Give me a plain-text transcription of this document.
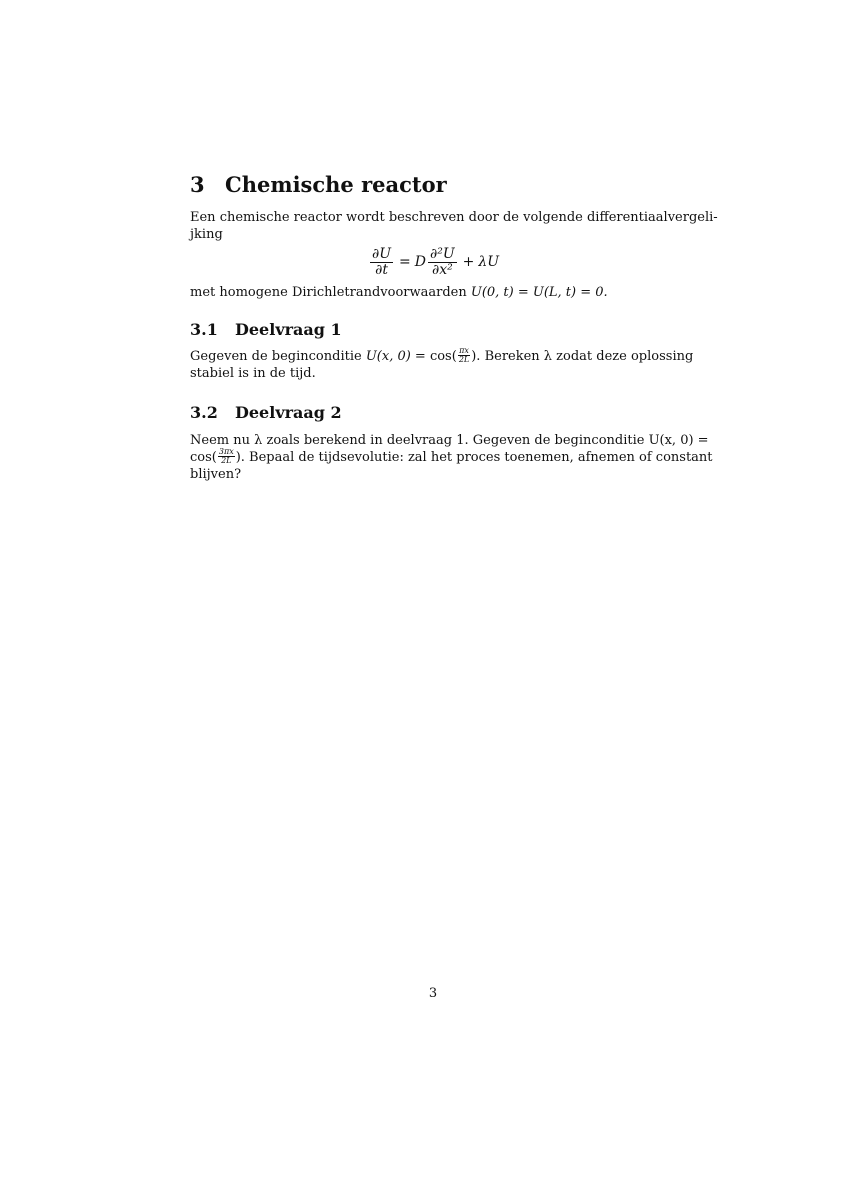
3 Chemische reactor
Een chemische reactor wordt beschreven door de volgende differentiaalvergeli-
jking
$\frac{\partial U}{\partial t} = D \frac{\text{∂²U}}{\text{∂x²}} + \lambda U$
met homogene Dirichletrandvoorwaarden U(0, t) = U(L, t) = 0.
3.1 Deelvraag 1
Gegeven de beginconditie U(x, $0) = \cos( \frac{\pi x}{2L}$ ). Bereken λ zodat deze oplossing
stabiel is in de tijd.
3.2 Deelvraag 2
Neem nu λ zoals berekend in deelvraag 1. Gegeven de beginconditie U(x, 0) =
$\cos( \frac{3\pi x}{2L}$ ). Bepaal de tijdsevolutie: zal het proces toenemen, afnemen of constant
blijven?
3
